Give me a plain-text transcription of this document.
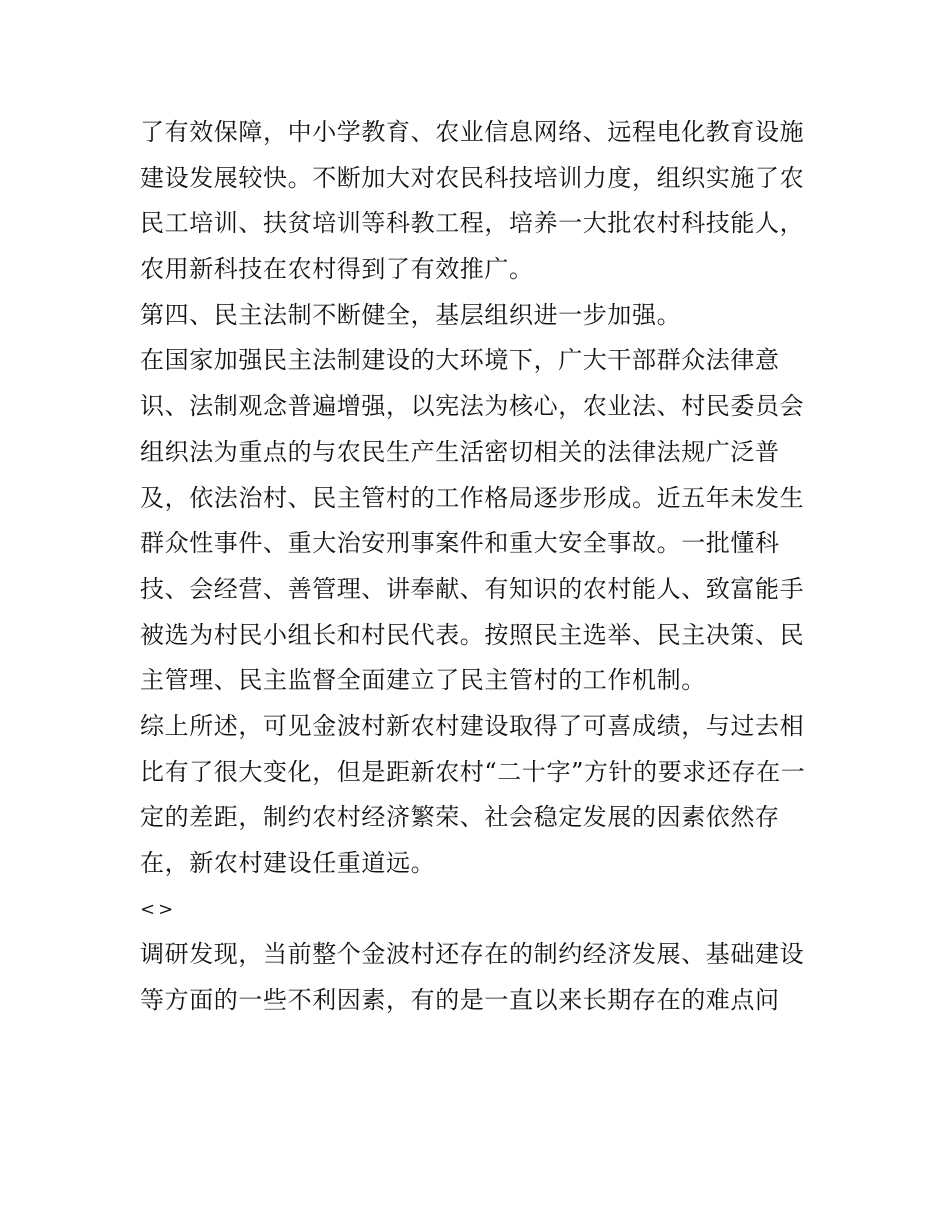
了有效保障，中小学教育、农业信息网络、远程电化教育设施
建设发展较快。不断加大对农民科技培训力度，组织实施了农
民工培训、扶贫培训等科教工程，培养一大批农村科技能人，
农用新科技在农村得到了有效推广。
第四、民主法制不断健全，基层组织进一步加强。
在国家加强民主法制建设的大环境下，广大干部群众法律意
识、法制观念普遍增强，以宪法为核心，农业法、村民委员会
组织法为重点的与农民生产生活密切相关的法律法规广泛普
及，依法治村、民主管村的工作格局逐步形成。近五年未发生
群众性事件、重大治安刑事案件和重大安全事故。一批懂科
技、会经营、善管理、讲奉献、有知识的农村能人、致富能手
被选为村民小组长和村民代表。按照民主选举、民主决策、民
主管理、民主监督全面建立了民主管村的工作机制。
综上所述，可见金波村新农村建设取得了可喜成绩，与过去相
比有了很大变化，但是距新农村“二十字”方针的要求还存在一
定的差距，制约农村经济繁荣、社会稳定发展的因素依然存
在，新农村建设任重道远。
<>
调研发现，当前整个金波村还存在的制约经济发展、基础建设
等方面的一些不利因素，有的是一直以来长期存在的难点问
